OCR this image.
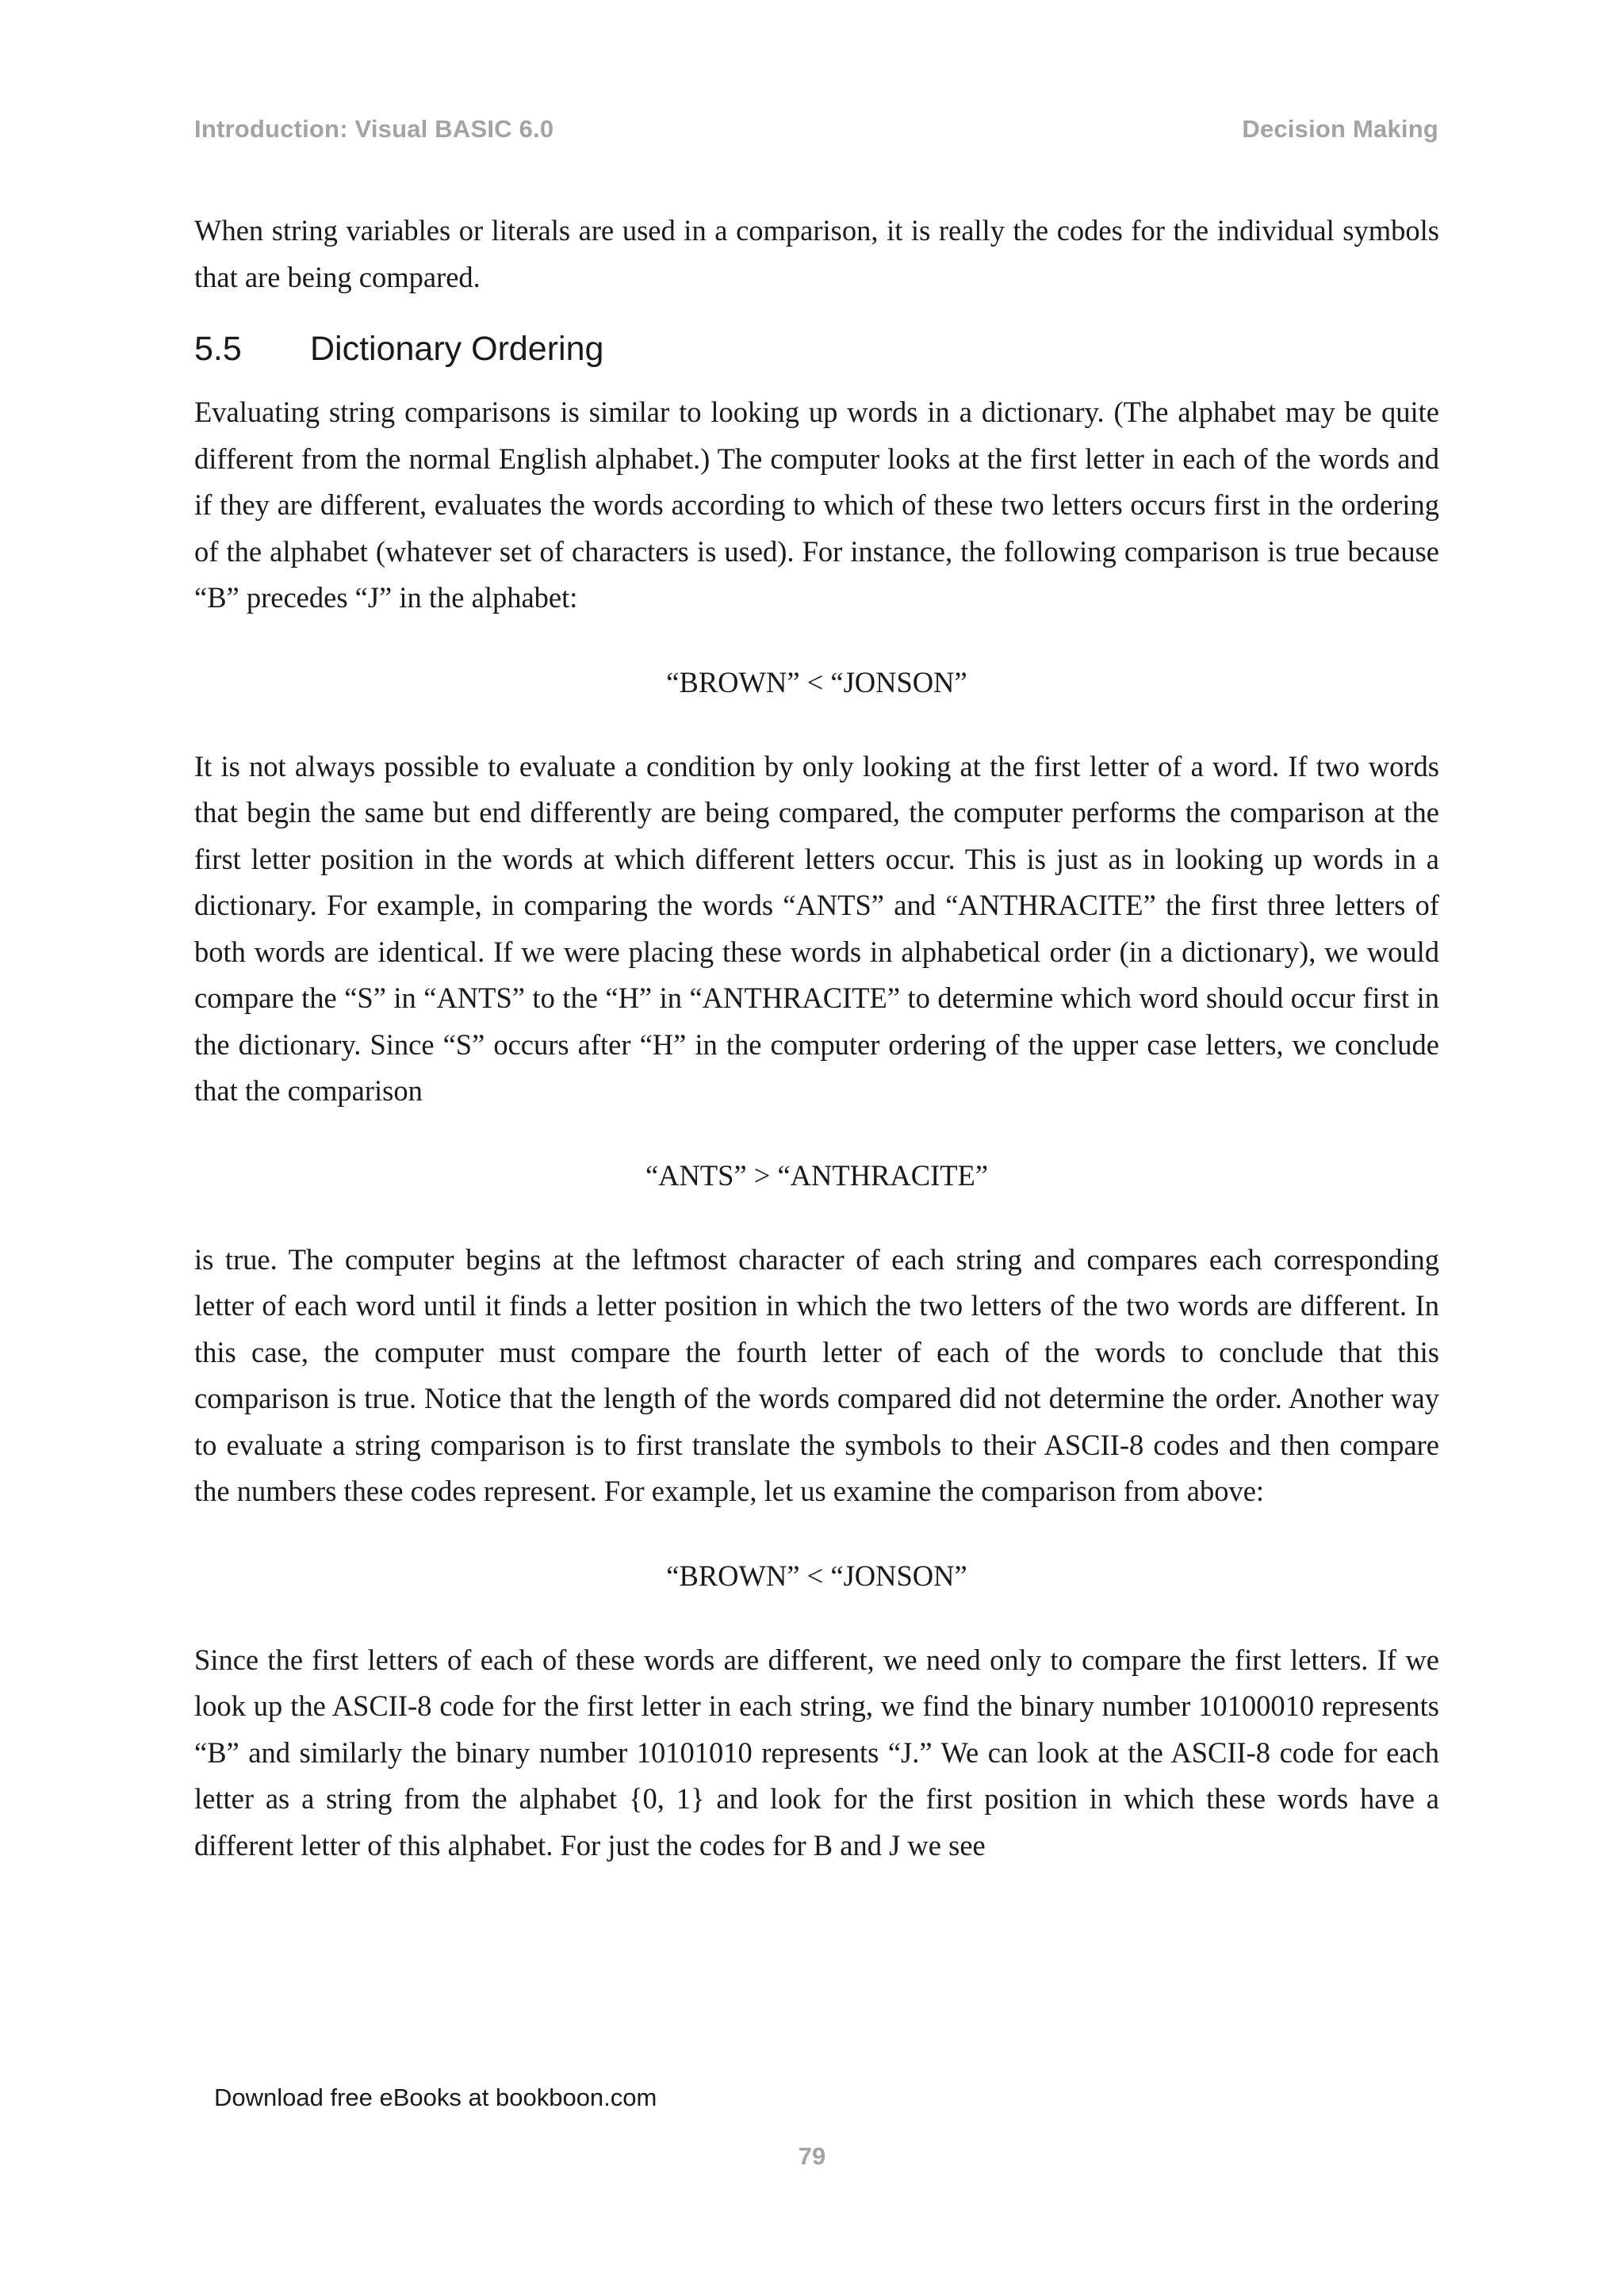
Introduction: Visual BASIC 6.0	Decision Making

When string variables or literals are used in a comparison, it is really the codes for the individual symbols that are being compared.

5.5	Dictionary Ordering

Evaluating string comparisons is similar to looking up words in a dictionary. (The alphabet may be quite different from the normal English alphabet.) The computer looks at the first letter in each of the words and if they are different, evaluates the words according to which of these two letters occurs first in the ordering of the alphabet (whatever set of characters is used). For instance, the following comparison is true because “B” precedes “J” in the alphabet:

“BROWN” < “JONSON”

It is not always possible to evaluate a condition by only looking at the first letter of a word. If two words that begin the same but end differently are being compared, the computer performs the comparison at the first letter position in the words at which different letters occur. This is just as in looking up words in a dictionary. For example, in comparing the words “ANTS” and “ANTHRACITE” the first three letters of both words are identical. If we were placing these words in alphabetical order (in a dictionary), we would compare the “S” in “ANTS” to the “H” in “ANTHRACITE” to determine which word should occur first in the dictionary. Since “S” occurs after “H” in the computer ordering of the upper case letters, we conclude that the comparison

“ANTS” > “ANTHRACITE”

is true. The computer begins at the leftmost character of each string and compares each corresponding letter of each word until it finds a letter position in which the two letters of the two words are different. In this case, the computer must compare the fourth letter of each of the words to conclude that this comparison is true. Notice that the length of the words compared did not determine the order. Another way to evaluate a string comparison is to first translate the symbols to their ASCII-8 codes and then compare the numbers these codes represent. For example, let us examine the comparison from above:

“BROWN” < “JONSON”

Since the first letters of each of these words are different, we need only to compare the first letters. If we look up the ASCII-8 code for the first letter in each string, we find the binary number 10100010 represents “B” and similarly the binary number 10101010 represents “J.” We can look at the ASCII-8 code for each letter as a string from the alphabet {0, 1} and look for the first position in which these words have a different letter of this alphabet. For just the codes for B and J we see

Download free eBooks at bookboon.com
79
